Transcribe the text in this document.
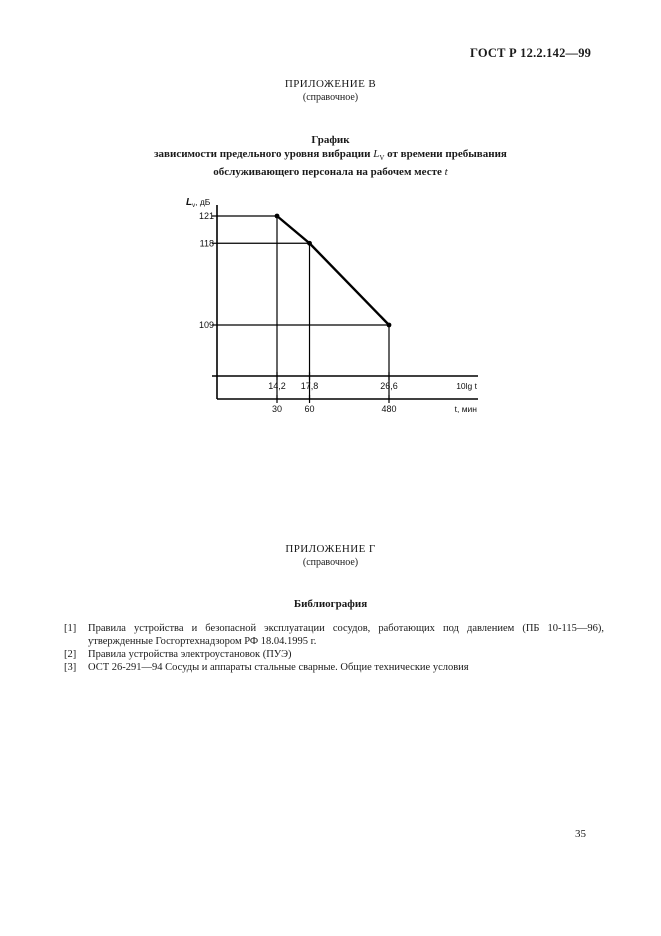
ГОСТ Р 12.2.142—99
ПРИЛОЖЕНИЕ В
(справочное)
График
зависимости предельного уровня вибрации $L_V$ от времени пребывания
обслуживающего персонала на рабочем месте t
121
14,2
30
118
17,8
60
109
26,6
480
$L_v$, дБ
10lg t
t, мин
ПРИЛОЖЕНИЕ Г
(справочное)
Библиография
[1]	Правила устройства и безопасной эксплуатации сосудов, работающих под давлением (ПБ 10-115—96), утвержденные Госгортехнадзором РФ 18.04.1995 г.
[2]	Правила устройства электроустановок (ПУЭ)
[3]	ОСТ 26-291—94 Сосуды и аппараты стальные сварные. Общие технические условия
35
